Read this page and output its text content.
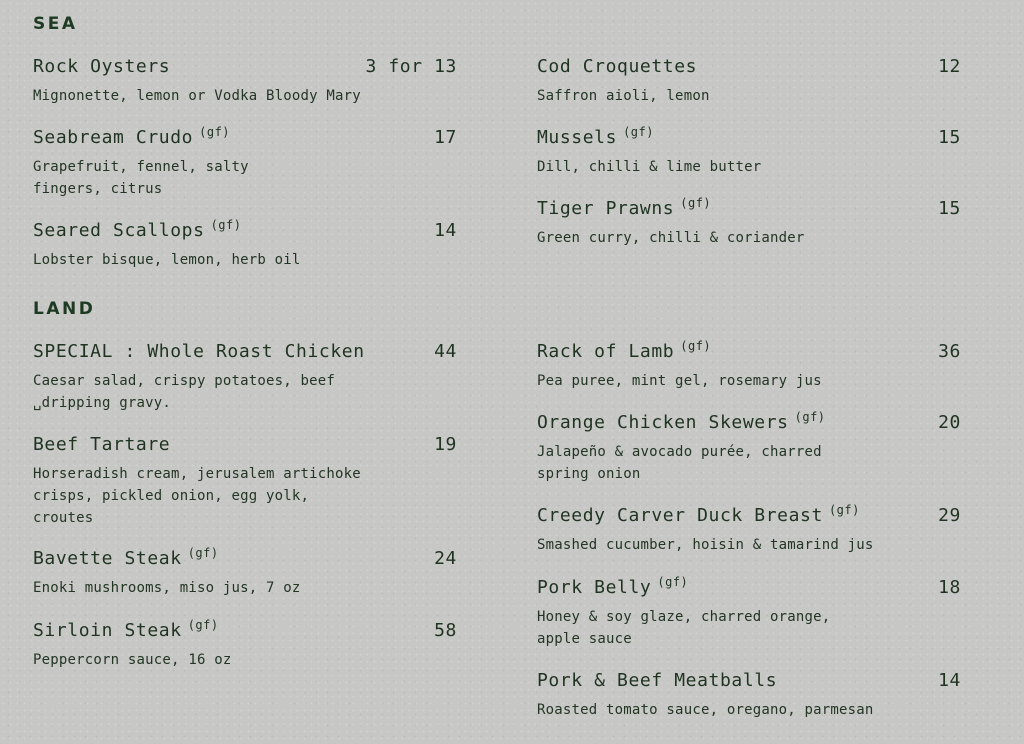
SEA
Rock Oysters	3 for 13
Mignonette, lemon or Vodka Bloody Mary
Seabream Crudo $^{(gf)}$	17
Grapefruit, fennel, salty fingers, citrus
Seared Scallops $^{(gf)}$	14
Lobster bisque, lemon, herb oil
Cod Croquettes	12
Saffron aioli, lemon
Mussels $^{(gf)}$	15
Dill, chilli & lime butter
Tiger Prawns $^{(gf)}$	15
Green curry, chilli & coriander
LAND
SPECIAL : Whole Roast Chicken	44
Caesar salad, crispy potatoes, beef ␣dripping gravy.
Beef Tartare	19
Horseradish cream, jerusalem artichoke crisps, pickled onion, egg yolk, croutes
Bavette Steak $^{(gf)}$	24
Enoki mushrooms, miso jus, 7 oz
Sirloin Steak $^{(gf)}$	58
Peppercorn sauce, 16 oz
Rack of Lamb $^{(gf)}$	36
Pea puree, mint gel, rosemary jus
Orange Chicken Skewers $^{(gf)}$	20
Jalapeño & avocado purée, charred spring onion
Creedy Carver Duck Breast $^{(gf)}$	29
Smashed cucumber, hoisin & tamarind jus
Pork Belly $^{(gf)}$	18
Honey & soy glaze, charred orange, apple sauce
Pork & Beef Meatballs	14
Roasted tomato sauce, oregano, parmesan
